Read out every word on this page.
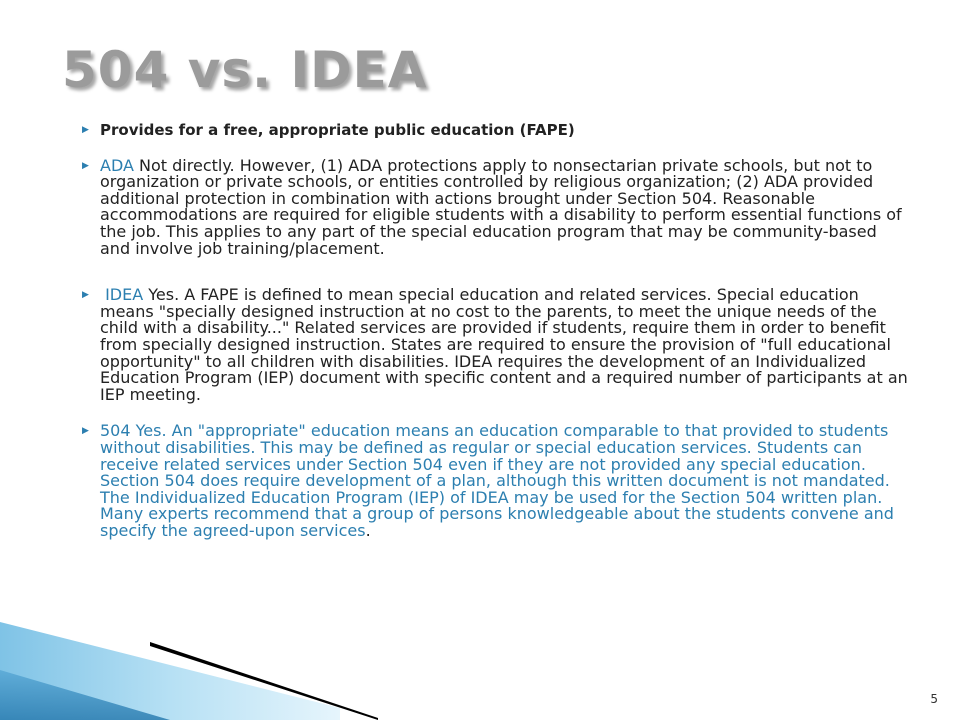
504 vs. IDEA

▶ Provides for a free, appropriate public education (FAPE)

▶ ADA Not directly. However, (1) ADA protections apply to nonsectarian private schools, but not to organization or private schools, or entities controlled by religious organization; (2) ADA provided additional protection in combination with actions brought under Section 504. Reasonable accommodations are required for eligible students with a disability to perform essential functions of the job. This applies to any part of the special education program that may be community-based and involve job training/placement.

▶ IDEA Yes. A FAPE is defined to mean special education and related services. Special education means "specially designed instruction at no cost to the parents, to meet the unique needs of the child with a disability..." Related services are provided if students, require them in order to benefit from specially designed instruction. States are required to ensure the provision of "full educational opportunity" to all children with disabilities. IDEA requires the development of an Individualized Education Program (IEP) document with specific content and a required number of participants at an IEP meeting.

▶ 504 Yes. An "appropriate" education means an education comparable to that provided to students without disabilities. This may be defined as regular or special education services. Students can receive related services under Section 504 even if they are not provided any special education. Section 504 does require development of a plan, although this written document is not mandated. The Individualized Education Program (IEP) of IDEA may be used for the Section 504 written plan. Many experts recommend that a group of persons knowledgeable about the students convene and specify the agreed-upon services.

5
